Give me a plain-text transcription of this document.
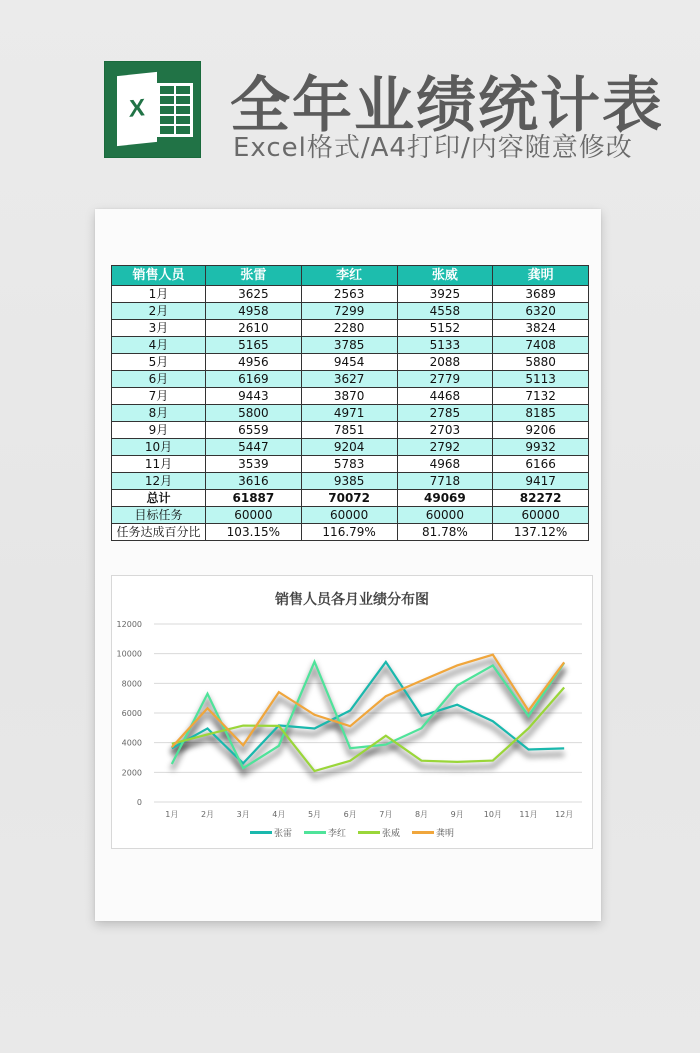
X 全年业绩统计表
Excel格式/A4打印/内容随意修改
销售人员	张雷	李红	张威	龚明
1月	3625	2563	3925	3689
2月	4958	7299	4558	6320
3月	2610	2280	5152	3824
4月	5165	3785	5133	7408
5月	4956	9454	2088	5880
6月	6169	3627	2779	5113
7月	9443	3870	4468	7132
8月	5800	4971	2785	8185
9月	6559	7851	2703	9206
10月	5447	9204	2792	9932
11月	3539	5783	4968	6166
12月	3616	9385	7718	9417
总计	61887	70072	49069	82272
目标任务	60000	60000	60000	60000
任务达成百分比	103.15%	116.79%	81.78%	137.12%
销售人员各月业绩分布图
0
2000
4000
6000
8000
10000
12000
1月	2月	3月	4月	5月	6月	7月	8月	9月	10月 11月 12月
张雷	李红	张威	龚明
